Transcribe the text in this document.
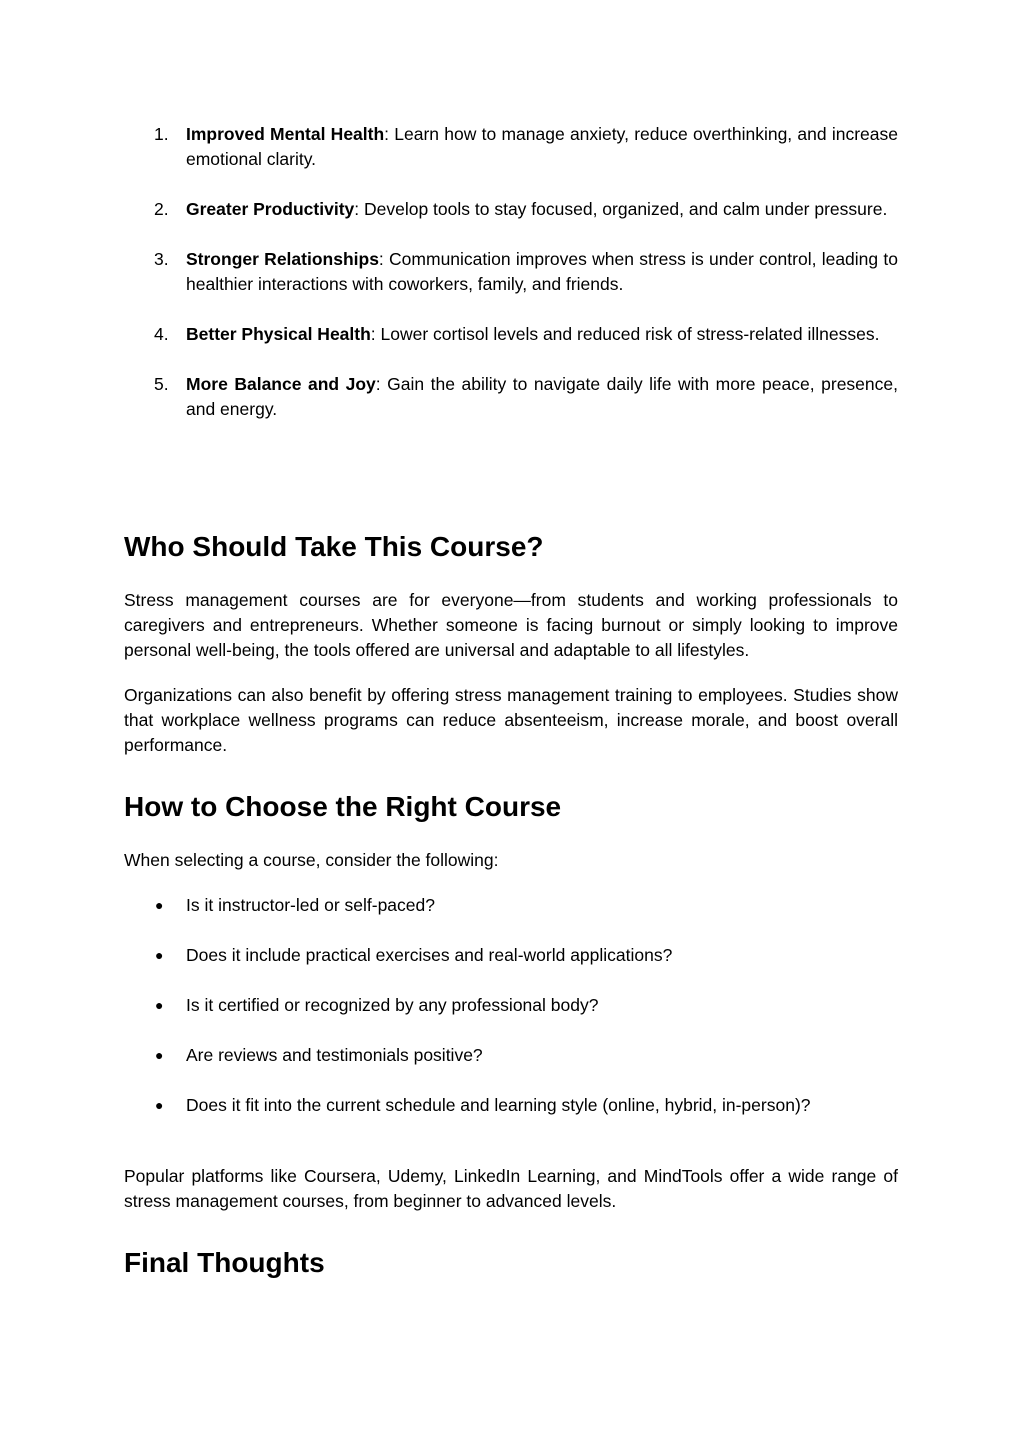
1. Improved Mental Health: Learn how to manage anxiety, reduce overthinking, and increase emotional clarity.
2. Greater Productivity: Develop tools to stay focused, organized, and calm under pressure.
3. Stronger Relationships: Communication improves when stress is under control, leading to healthier interactions with coworkers, family, and friends.
4. Better Physical Health: Lower cortisol levels and reduced risk of stress-related illnesses.
5. More Balance and Joy: Gain the ability to navigate daily life with more peace, presence, and energy.
Who Should Take This Course?

Stress management courses are for everyone—from students and working professionals to caregivers and entrepreneurs. Whether someone is facing burnout or simply looking to improve personal well-being, the tools offered are universal and adaptable to all lifestyles.

Organizations can also benefit by offering stress management training to employees. Studies show that workplace wellness programs can reduce absenteeism, increase morale, and boost overall performance.

How to Choose the Right Course

When selecting a course, consider the following:

● Is it instructor-led or self-paced?
● Does it include practical exercises and real-world applications?
● Is it certified or recognized by any professional body?
● Are reviews and testimonials positive?
● Does it fit into the current schedule and learning style (online, hybrid, in-person)?

Popular platforms like Coursera, Udemy, LinkedIn Learning, and MindTools offer a wide range of stress management courses, from beginner to advanced levels.

Final Thoughts
